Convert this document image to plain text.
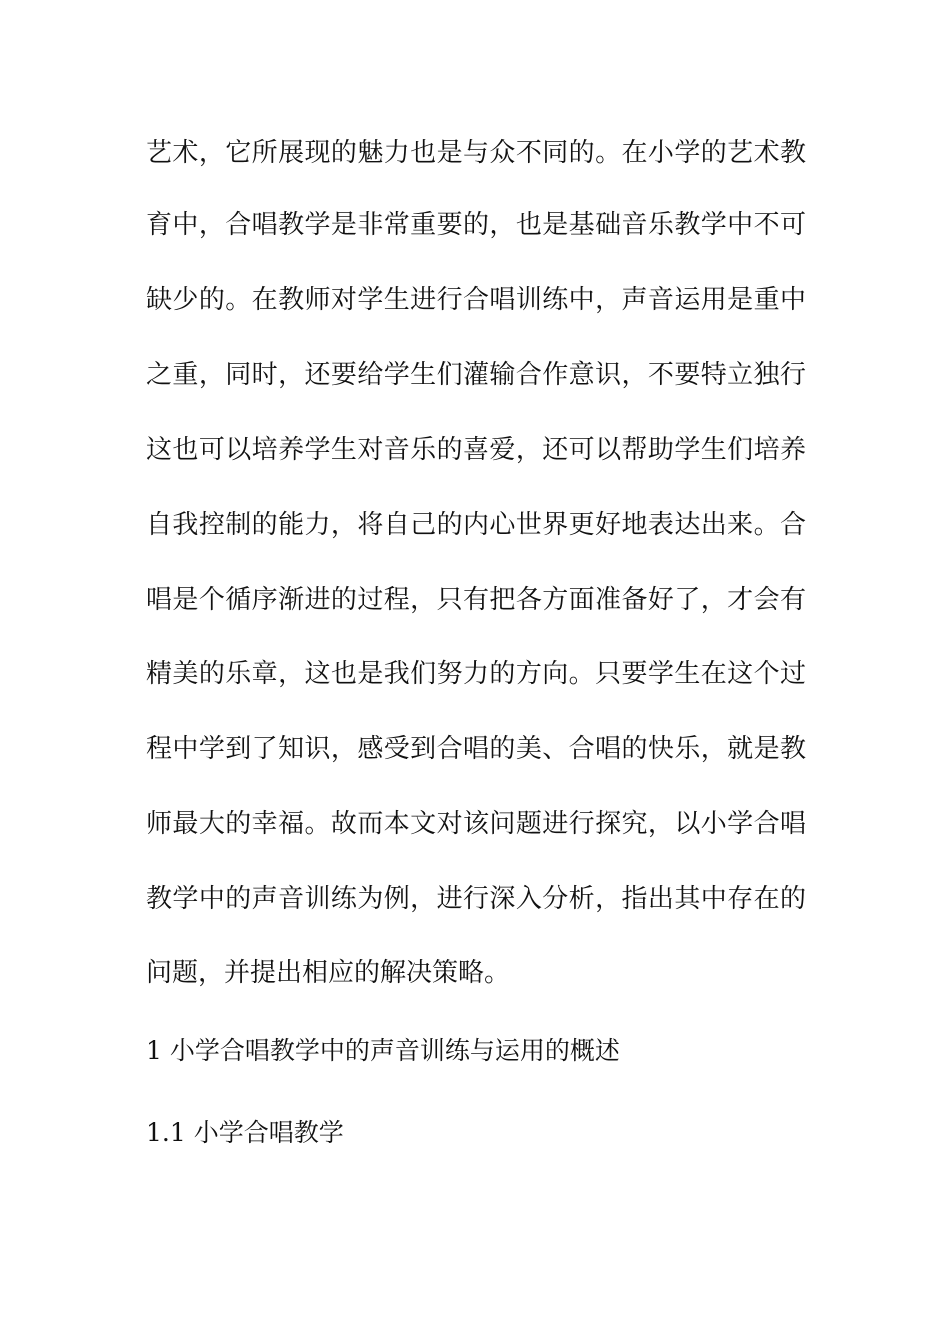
艺术，它所展现的魅力也是与众不同的。在小学的艺术教
育中，合唱教学是非常重要的，也是基础音乐教学中不可
缺少的。在教师对学生进行合唱训练中，声音运用是重中
之重，同时，还要给学生们灌输合作意识，不要特立独行
这也可以培养学生对音乐的喜爱，还可以帮助学生们培养
自我控制的能力，将自己的内心世界更好地表达出来。合
唱是个循序渐进的过程，只有把各方面准备好了，才会有
精美的乐章，这也是我们努力的方向。只要学生在这个过
程中学到了知识，感受到合唱的美、合唱的快乐，就是教
师最大的幸福。故而本文对该问题进行探究，以小学合唱
教学中的声音训练为例，进行深入分析，指出其中存在的
问题，并提出相应的解决策略。
1 小学合唱教学中的声音训练与运用的概述
1.1 小学合唱教学
